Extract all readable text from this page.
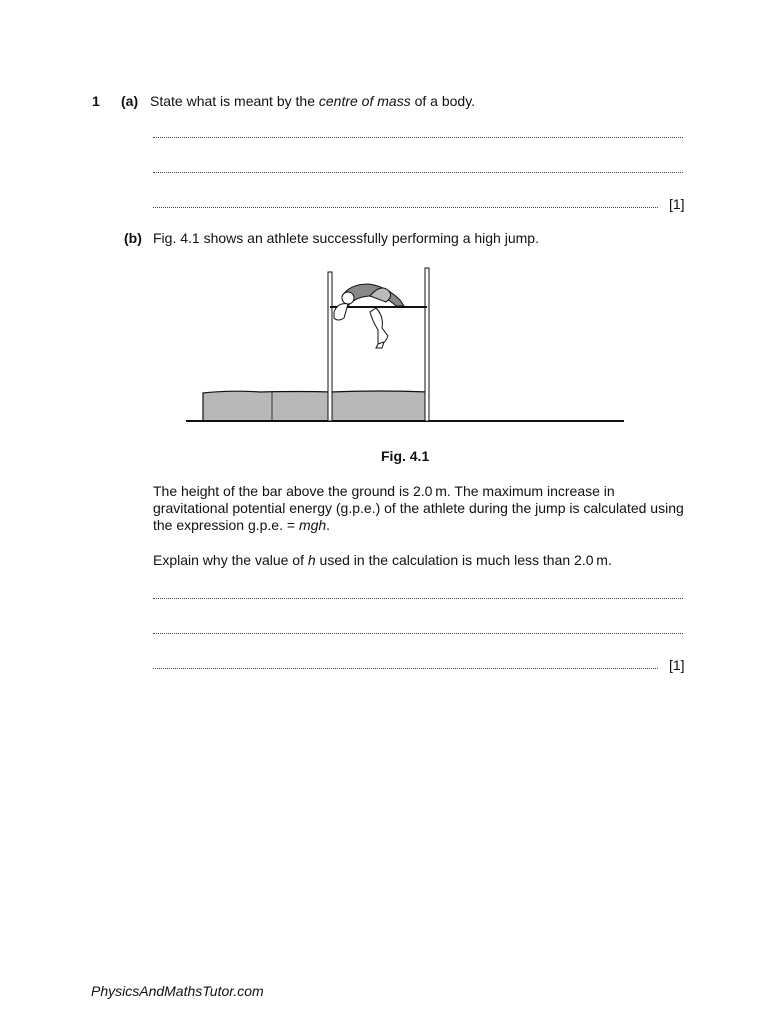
1 (a) State what is meant by the centre of mass of a body.
[1]
(b) Fig. 4.1 shows an athlete successfully performing a high jump.
Fig. 4.1
The height of the bar above the ground is 2.0 m. The maximum increase in gravitational potential energy (g.p.e.) of the athlete during the jump is calculated using the expression g.p.e. = mgh.
Explain why the value of h used in the calculation is much less than 2.0 m.
[1]
PhysicsAndMathsTutor.com
